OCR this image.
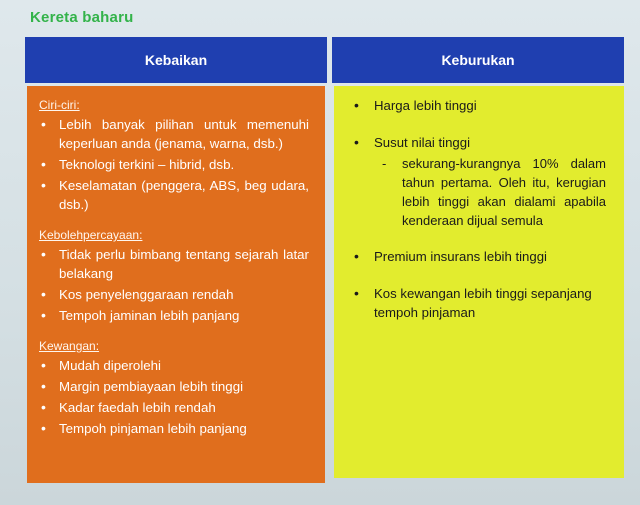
Kereta baharu
Kebaikan	Keburukan
Ciri-ciri:
• Lebih banyak pilihan untuk memenuhi keperluan anda (jenama, warna, dsb.)
• Teknologi terkini – hibrid, dsb.
• Keselamatan (penggera, ABS, beg udara, dsb.)
Kebolehpercayaan:
• Tidak perlu bimbang tentang sejarah latar belakang
• Kos penyelenggaraan rendah
• Tempoh jaminan lebih panjang
Kewangan:
• Mudah diperolehi
• Margin pembiayaan lebih tinggi
• Kadar faedah lebih rendah
• Tempoh pinjaman lebih panjang
• Harga lebih tinggi
• Susut nilai tinggi
- sekurang-kurangnya 10% dalam tahun pertama. Oleh itu, kerugian lebih tinggi akan dialami apabila kenderaan dijual semula
• Premium insurans lebih tinggi
• Kos kewangan lebih tinggi sepanjang tempoh pinjaman
